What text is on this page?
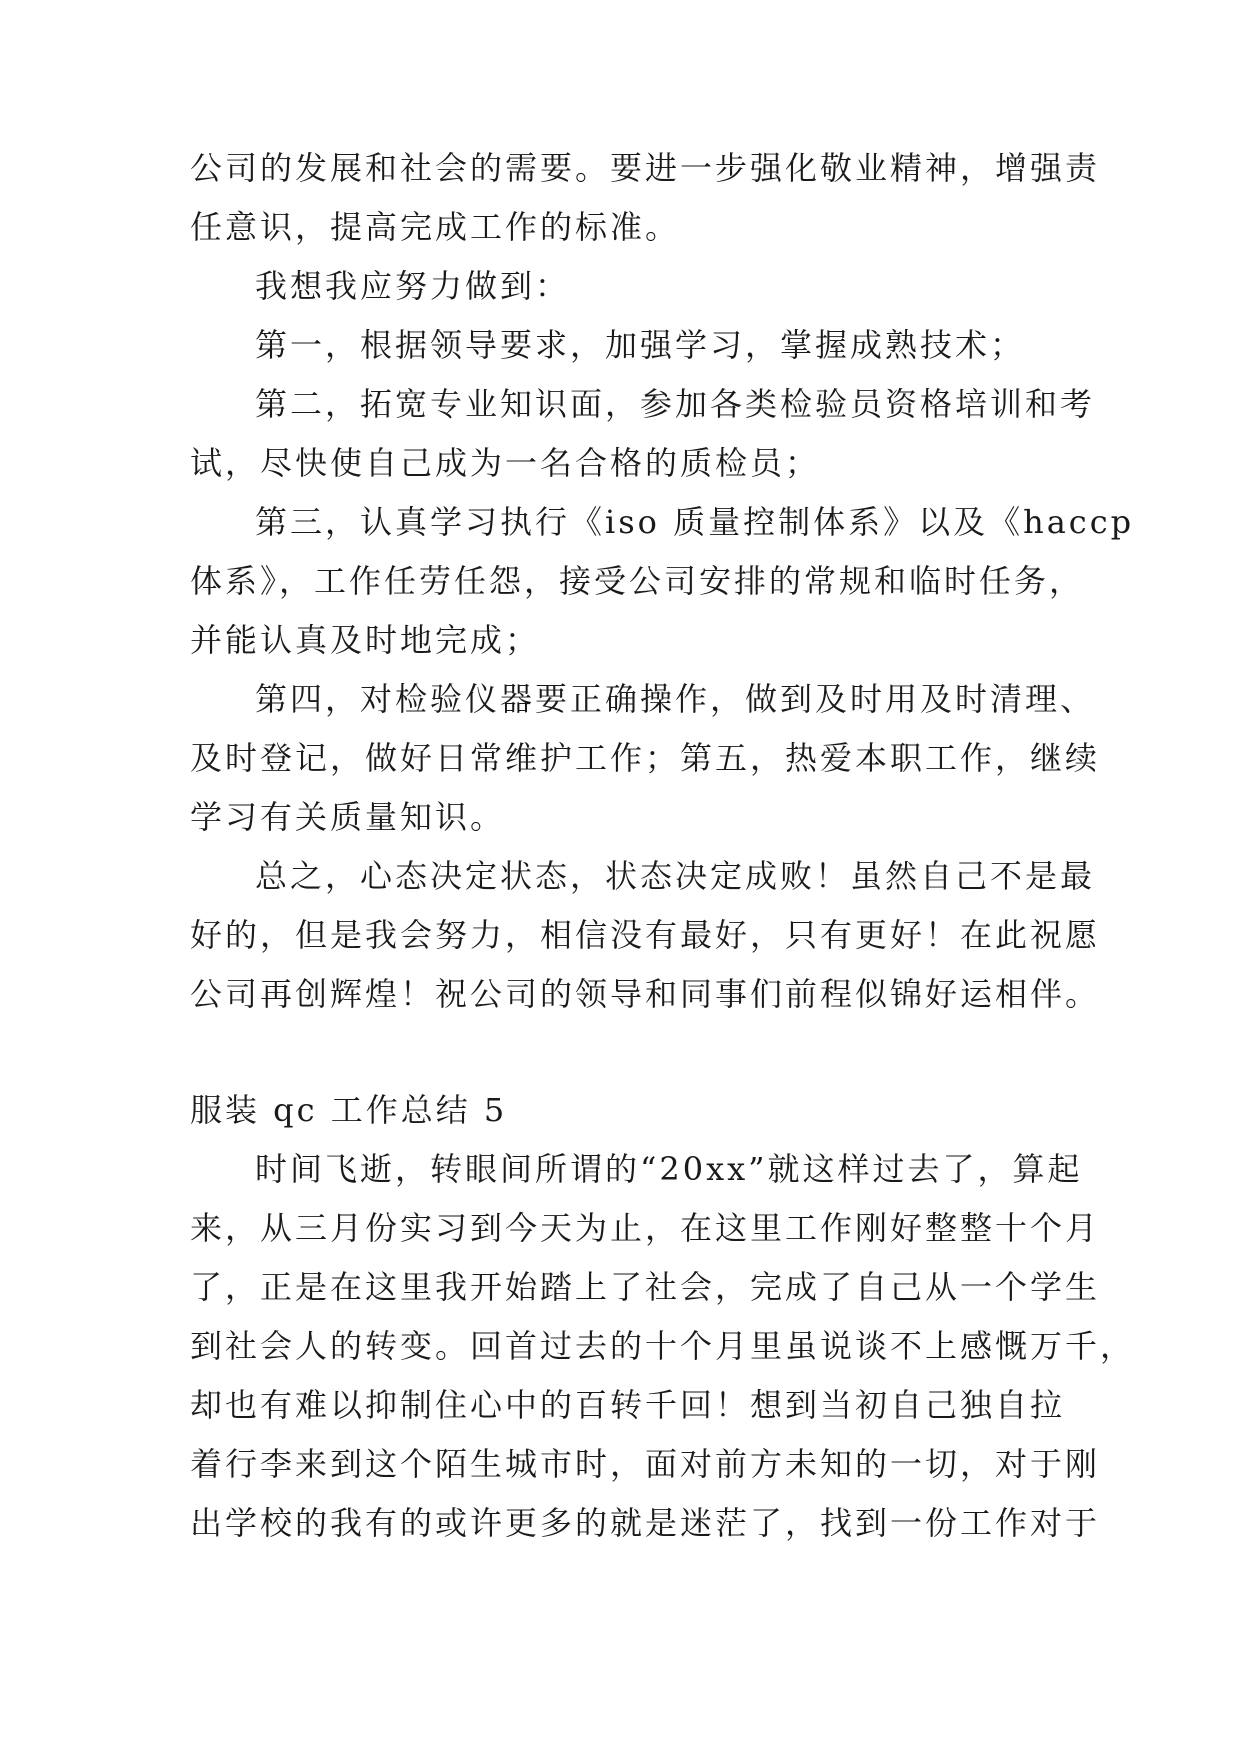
公司的发展和社会的需要。要进一步强化敬业精神，增强责
任意识，提高完成工作的标准。
我想我应努力做到：
第一，根据领导要求，加强学习，掌握成熟技术；
第二，拓宽专业知识面，参加各类检验员资格培训和考
试，尽快使自己成为一名合格的质检员；
第三，认真学习执行《iso 质量控制体系》以及《haccp
体系》，工作任劳任怨，接受公司安排的常规和临时任务，
并能认真及时地完成；
第四，对检验仪器要正确操作，做到及时用及时清理、
及时登记，做好日常维护工作；第五，热爱本职工作，继续
学习有关质量知识。
总之，心态决定状态，状态决定成败！虽然自己不是最
好的，但是我会努力，相信没有最好，只有更好！在此祝愿
公司再创辉煌！祝公司的领导和同事们前程似锦好运相伴。
服装 qc 工作总结 5
时间飞逝，转眼间所谓的“20xx”就这样过去了，算起
来，从三月份实习到今天为止，在这里工作刚好整整十个月
了，正是在这里我开始踏上了社会，完成了自己从一个学生
到社会人的转变。回首过去的十个月里虽说谈不上感慨万千，
却也有难以抑制住心中的百转千回！想到当初自己独自拉
着行李来到这个陌生城市时，面对前方未知的一切，对于刚
出学校的我有的或许更多的就是迷茫了，找到一份工作对于
